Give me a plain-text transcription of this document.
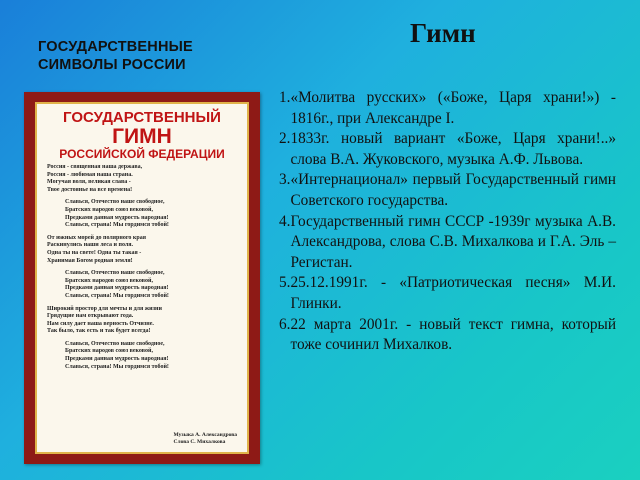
ГОСУДАРСТВЕННЫЕ
СИМВОЛЫ РОССИИ
Гимн
ГОСУДАРСТВЕННЫЙ
ГИМН
РОССИЙСКОЙ ФЕДЕРАЦИИ
Россия - священная наша держава,
Россия - любимая наша страна.
Могучая воля, великая слава -
Твое достоянье на все времена!
Славься, Отечество наше свободное,
Братских народов союз вековой,
Предками данная мудрость народная!
Славься, страна! Мы гордимся тобой!
От южных морей до полярного края
Раскинулись наши леса и поля.
Одна ты на свете! Одна ты такая -
Хранимая Богом родная земля!
Славься, Отечество наше свободное,
Братских народов союз вековой,
Предками данная мудрость народная!
Славься, страна! Мы гордимся тобой!
Широкий простор для мечты и для жизни
Грядущие нам открывают года.
Нам силу дает наша верность Отчизне.
Так было, так есть и так будет всегда!
Славься, Отечество наше свободное,
Братских народов союз вековой,
Предками данная мудрость народная!
Славься, страна! Мы гордимся тобой!
Музыка А. Александрова
Слова С. Михалкова
1. «Молитва русских» («Боже, Царя храни!») - 1816г., при Александре I.
2. 1833г. новый вариант «Боже, Царя храни!..» слова В.А. Жуковского, музыка А.Ф. Львова.
3. «Интернационал» первый Государственный гимн Советского государства.
4. Государственный гимн СССР -1939г музыка А.В. Александрова, слова С.В. Михалкова и Г.А. Эль – Регистан.
5. 25.12.1991г. - «Патриотическая песня» М.И. Глинки.
6. 22 марта 2001г. - новый текст гимна, который тоже сочинил Михалков.
